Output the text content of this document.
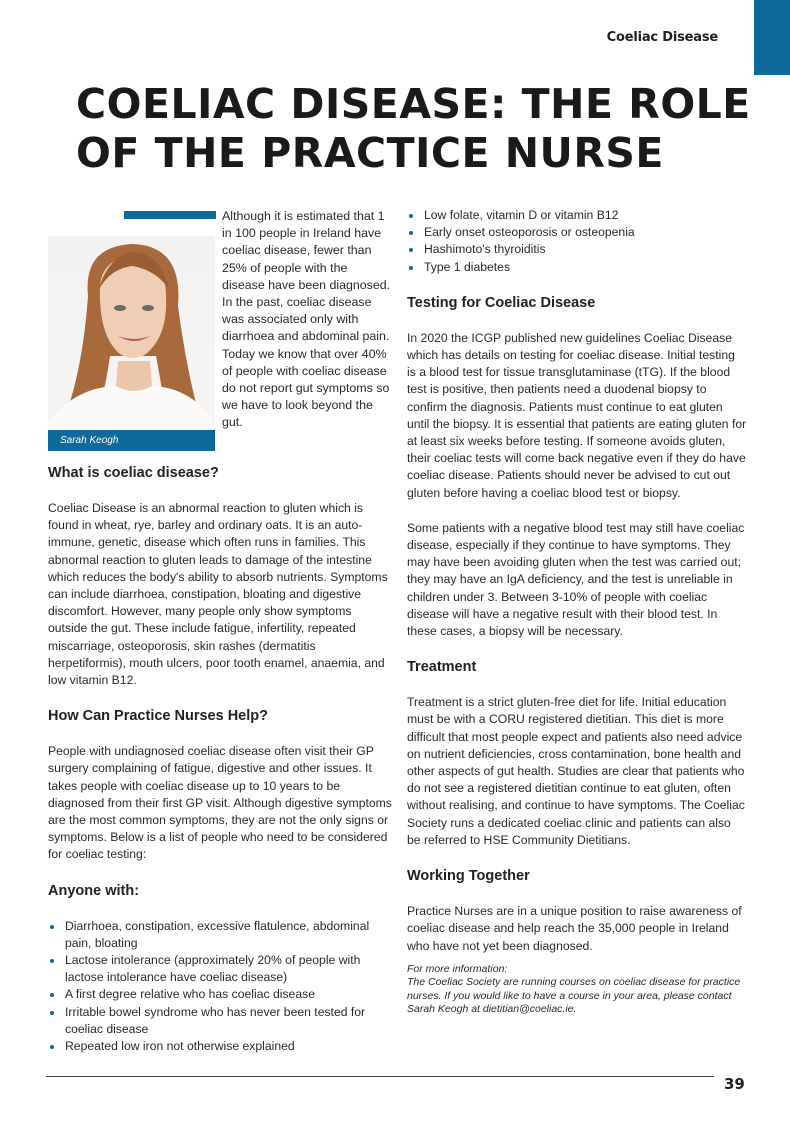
Coeliac Disease
COELIAC DISEASE: THE ROLE OF THE PRACTICE NURSE
Sarah Keogh
Although it is estimated that 1 in 100 people in Ireland have coeliac disease, fewer than 25% of people with the disease have been diagnosed. In the past, coeliac disease was associated only with diarrhoea and abdominal pain. Today we know that over 40% of people with coeliac disease do not report gut symptoms so we have to look beyond the gut.
What is coeliac disease?

Coeliac Disease is an abnormal reaction to gluten which is found in wheat, rye, barley and ordinary oats. It is an auto-immune, genetic, disease which often runs in families. This abnormal reaction to gluten leads to damage of the intestine which reduces the body's ability to absorb nutrients. Symptoms can include diarrhoea, constipation, bloating and digestive discomfort. However, many people only show symptoms outside the gut. These include fatigue, infertility, repeated miscarriage, osteoporosis, skin rashes (dermatitis herpetiformis), mouth ulcers, poor tooth enamel, anaemia, and low vitamin B12.

How Can Practice Nurses Help?

People with undiagnosed coeliac disease often visit their GP surgery complaining of fatigue, digestive and other issues. It takes people with coeliac disease up to 10 years to be diagnosed from their first GP visit. Although digestive symptoms are the most common symptoms, they are not the only signs or symptoms. Below is a list of people who need to be considered for coeliac testing:

Anyone with:
Diarrhoea, constipation, excessive flatulence, abdominal pain, bloating
Lactose intolerance (approximately 20% of people with lactose intolerance have coeliac disease)
A first degree relative who has coeliac disease
Irritable bowel syndrome who has never been tested for coeliac disease
Repeated low iron not otherwise explained
Low folate, vitamin D or vitamin B12
Early onset osteoporosis or osteopenia
Hashimoto's thyroiditis
Type 1 diabetes
Testing for Coeliac Disease

In 2020 the ICGP published new guidelines Coeliac Disease which has details on testing for coeliac disease. Initial testing is a blood test for tissue transglutaminase (tTG). If the blood test is positive, then patients need a duodenal biopsy to confirm the diagnosis. Patients must continue to eat gluten until the biopsy. It is essential that patients are eating gluten for at least six weeks before testing. If someone avoids gluten, their coeliac tests will come back negative even if they do have coeliac disease. Patients should never be advised to cut out gluten before having a coeliac blood test or biopsy.

Some patients with a negative blood test may still have coeliac disease, especially if they continue to have symptoms. They may have been avoiding gluten when the test was carried out; they may have an IgA deficiency, and the test is unreliable in children under 3. Between 3-10% of people with coeliac disease will have a negative result with their blood test. In these cases, a biopsy will be necessary.

Treatment

Treatment is a strict gluten-free diet for life. Initial education must be with a CORU registered dietitian. This diet is more difficult that most people expect and patients also need advice on nutrient deficiencies, cross contamination, bone health and other aspects of gut health. Studies are clear that patients who do not see a registered dietitian continue to eat gluten, often without realising, and continue to have symptoms. The Coeliac Society runs a dedicated coeliac clinic and patients can also be referred to HSE Community Dietitians.

Working Together

Practice Nurses are in a unique position to raise awareness of coeliac disease and help reach the 35,000 people in Ireland who have not yet been diagnosed.

For more information:

The Coeliac Society are running courses on coeliac disease for practice nurses. If you would like to have a course in your area, please contact Sarah Keogh at dietitian@coeliac.ie.

39
